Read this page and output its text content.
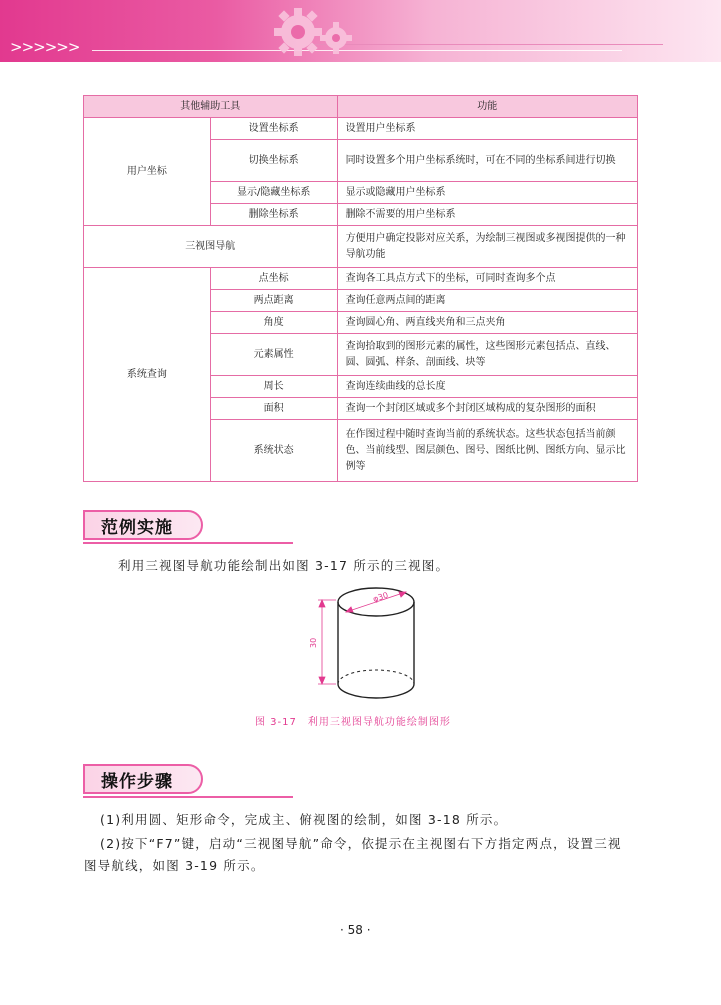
>>>>>>
其他辅助工具		功能
用户坐标	设置坐标系	设置用户坐标系
	切换坐标系	同时设置多个用户坐标系统时，可在不同的坐标系间进行切换
	显示/隐藏坐标系	显示或隐藏用户坐标系
	删除坐标系	删除不需要的用户坐标系
三视图导航		方便用户确定投影对应关系，为绘制三视图或多视图提供的一种导航功能
系统查询	点坐标	查询各工具点方式下的坐标，可同时查询多个点
	两点距离	查询任意两点间的距离
	角度	查询圆心角、两直线夹角和三点夹角
	元素属性	查询拾取到的图形元素的属性，这些图形元素包括点、直线、圆、圆弧、样条、剖面线、块等
	周长	查询连续曲线的总长度
	面积	查询一个封闭区域或多个封闭区域构成的复杂图形的面积
	系统状态	在作图过程中随时查询当前的系统状态。这些状态包括当前颜色、当前线型、图层颜色、图号、图纸比例、图纸方向、显示比例等
范例实施
利用三视图导航功能绘制出如图 3-17 所示的三视图。
φ30
30
图 3-17　利用三视图导航功能绘制图形
操作步骤
(1)利用圆、矩形命令，完成主、俯视图的绘制，如图 3-18 所示。
(2)按下“F7”键，启动“三视图导航”命令，依提示在主视图右下方指定两点，设置三视
图导航线，如图 3-19 所示。
· 58 ·
